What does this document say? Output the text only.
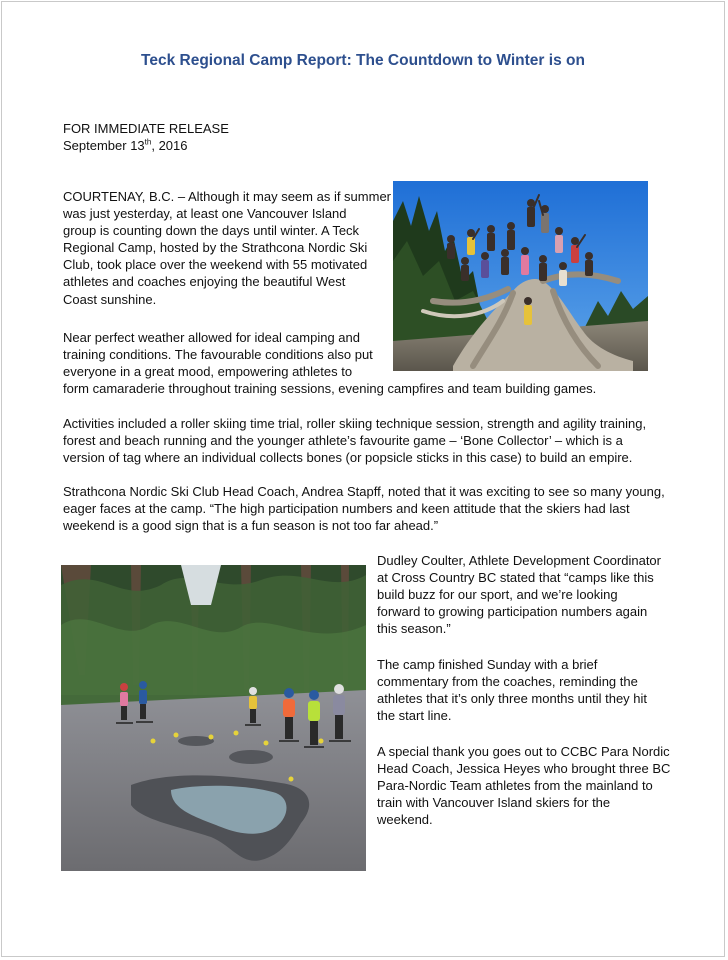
Teck Regional Camp Report: The Countdown to Winter is on
FOR IMMEDIATE RELEASE
September 13th, 2016
COURTENAY, B.C. – Although it may seem as if summer
was just yesterday, at least one Vancouver Island
group is counting down the days until winter. A Teck
Regional Camp, hosted by the Strathcona Nordic Ski
Club, took place over the weekend with 55 motivated
athletes and coaches enjoying the beautiful West
Coast sunshine.
Near perfect weather allowed for ideal camping and
training conditions. The favourable conditions also put
everyone in a great mood, empowering athletes to
form camaraderie throughout training sessions, evening campfires and team building games.
Activities included a roller skiing time trial, roller skiing technique session, strength and agility training,
forest and beach running and the younger athlete’s favourite game – ‘Bone Collector’ – which is a
version of tag where an individual collects bones (or popsicle sticks in this case) to build an empire.
Strathcona Nordic Ski Club Head Coach, Andrea Stapff, noted that it was exciting to see so many young,
eager faces at the camp. “The high participation numbers and keen attitude that the skiers had last
weekend is a good sign that is a fun season is not too far ahead.”
Dudley Coulter, Athlete Development Coordinator
at Cross Country BC stated that “camps like this
build buzz for our sport, and we’re looking
forward to growing participation numbers again
this season.”
The camp finished Sunday with a brief
commentary from the coaches, reminding the
athletes that it’s only three months until they hit
the start line.
A special thank you goes out to CCBC Para Nordic
Head Coach, Jessica Heyes who brought three BC
Para-Nordic Team athletes from the mainland to
train with Vancouver Island skiers for the
weekend.
